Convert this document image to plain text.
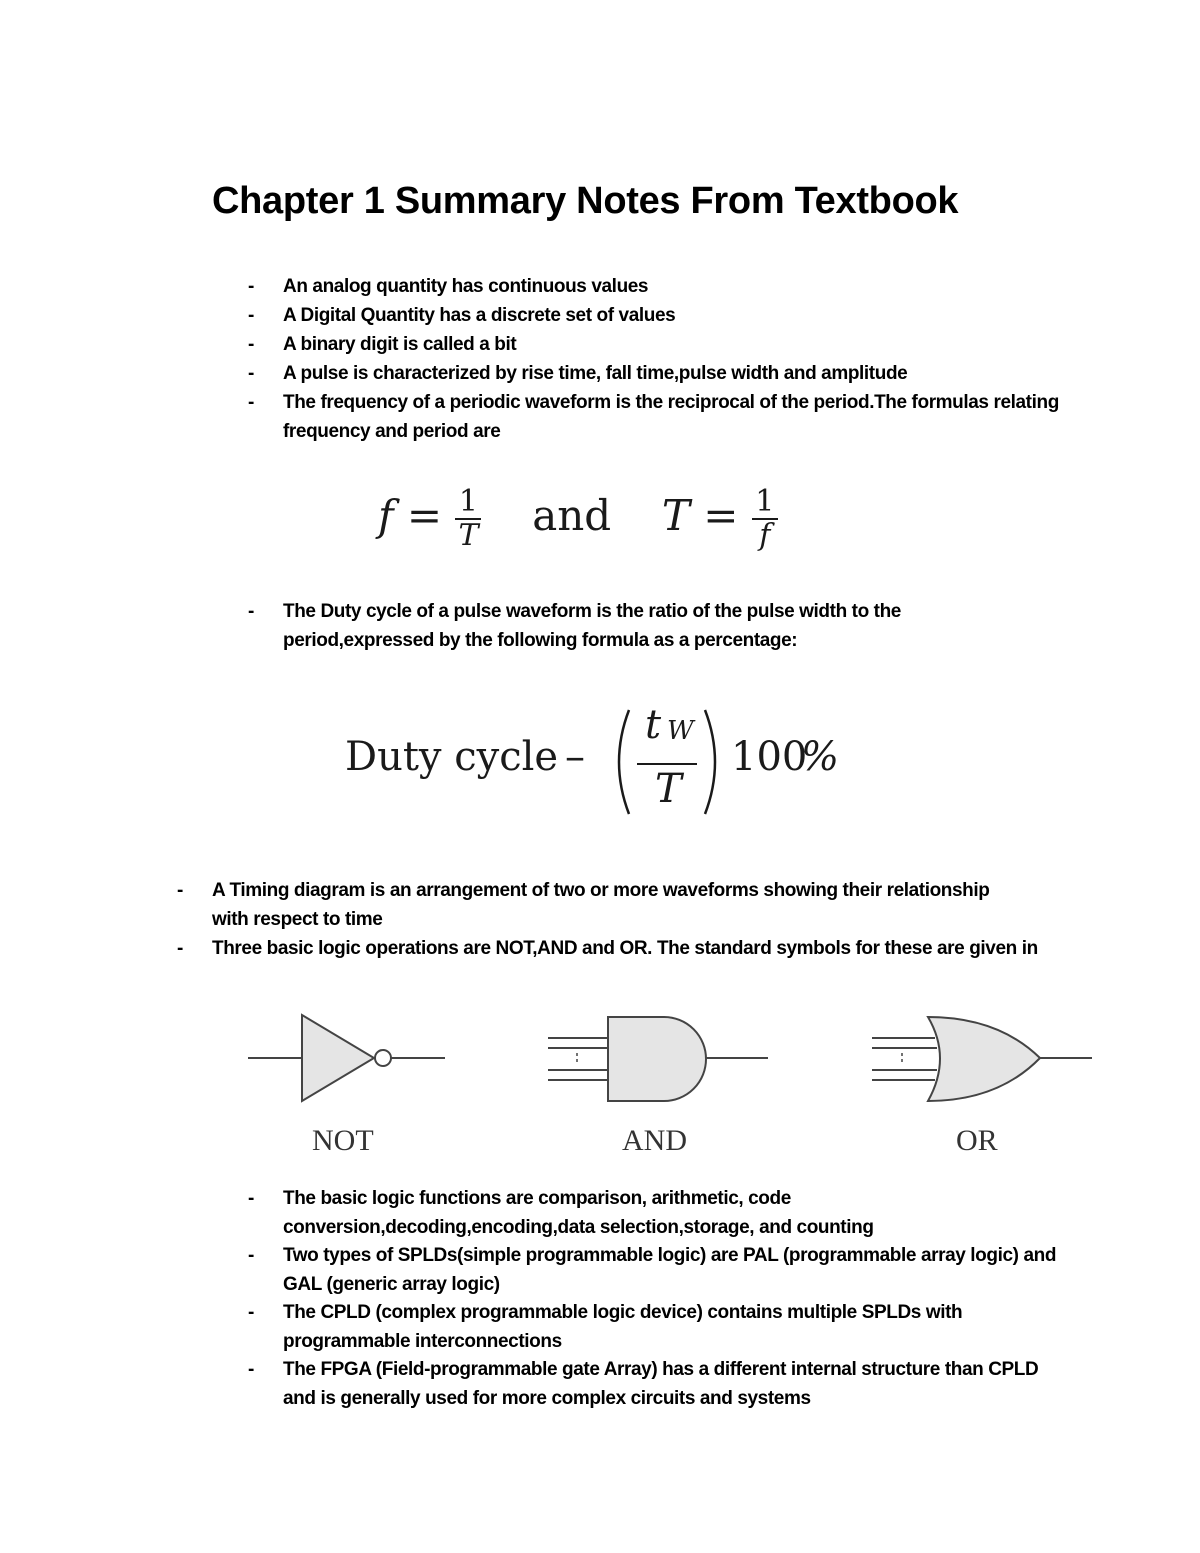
Chapter 1 Summary Notes From Textbook
- An analog quantity has continuous values
- A Digital Quantity has a discrete set of values
- A binary digit is called a bit
- A pulse is characterized by rise time, fall time,pulse width and amplitude
- The frequency of a periodic waveform is the reciprocal of the period.The formulas relating frequency and period are
$f = \frac{1}{T}$ and $T = \frac{1}{f}$
- The Duty cycle of a pulse waveform is the ratio of the pulse width to the period,expressed by the following formula as a percentage:
Duty cycle –
t W
T
100
%
- A Timing diagram is an arrangement of two or more waveforms showing their relationship with respect to time
- Three basic logic operations are NOT,AND and OR. The standard symbols for these are given in
NOT	AND	OR
- The basic logic functions are comparison, arithmetic, code conversion,decoding,encoding,data selection,storage, and counting
- Two types of SPLDs(simple programmable logic) are PAL (programmable array logic) and GAL (generic array logic)
- The CPLD (complex programmable logic device) contains multiple SPLDs with programmable interconnections
- The FPGA (Field-programmable gate Array) has a different internal structure than CPLD and is generally used for more complex circuits and systems
